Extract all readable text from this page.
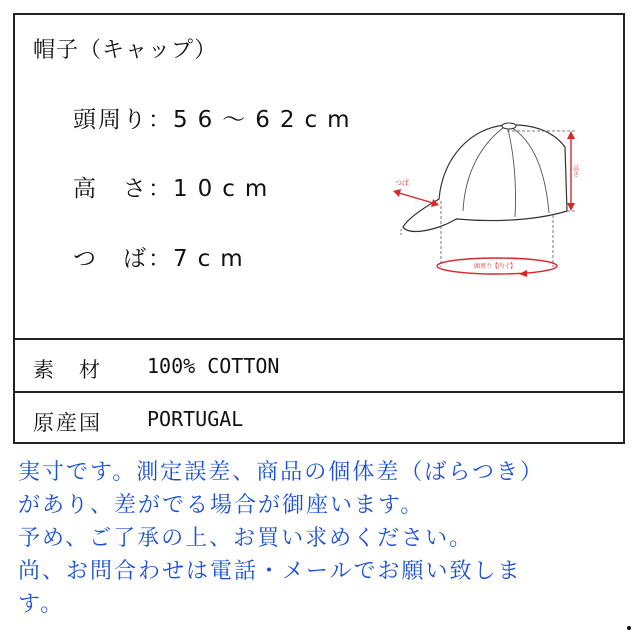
帽子（キャップ）
頭周り：56～62cm
高　さ：10cm
つ　ば：7cm
高さ
つば
頭周り【内寸】
素　材 100% COTTON
原産国 PORTUGAL
実寸です。測定誤差、商品の個体差（ばらつき）
があり、差がでる場合が御座います。
予め、ご了承の上、お買い求めください。
尚、お問合わせは電話・メールでお願い致しま
す。
